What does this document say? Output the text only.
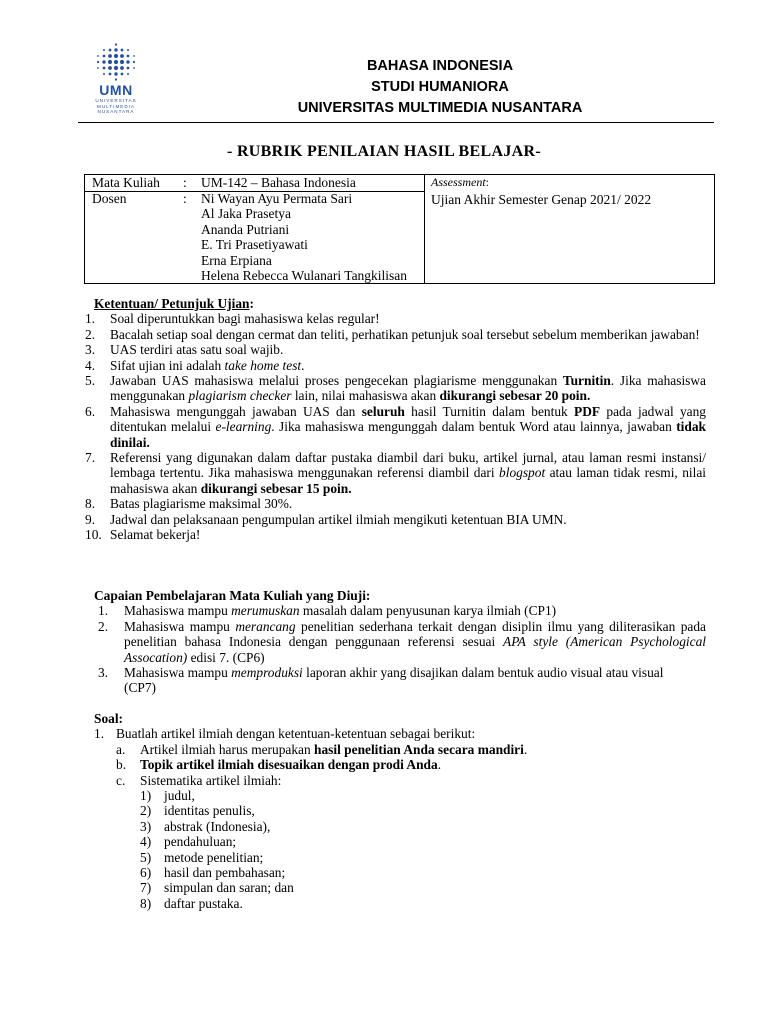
UMN
UNIVERSITAS
MULTIMEDIA
NUSANTARA
BAHASA INDONESIA
STUDI HUMANIORA
UNIVERSITAS MULTIMEDIA NUSANTARA
- RUBRIK PENILAIAN HASIL BELAJAR-
Mata Kuliah : UM-142 – Bahasa Indonesia
Dosen	: Ni Wayan Ayu Permata Sari
Al Jaka Prasetya
Ananda Putriani
E. Tri Prasetiyawati
Erna Erpiana
Helena Rebecca Wulanari Tangkilisan
Assessment:
Ujian Akhir Semester Genap 2021/ 2022
Ketentuan/ Petunjuk Ujian:
1.	Soal diperuntukkan bagi mahasiswa kelas regular!
2.	Bacalah setiap soal dengan cermat dan teliti, perhatikan petunjuk soal tersebut sebelum memberikan jawaban!
3.	UAS terdiri atas satu soal wajib.
4.	Sifat ujian ini adalah take home test.
5.	Jawaban UAS mahasiswa melalui proses pengecekan plagiarisme menggunakan Turnitin. Jika mahasiswa menggunakan plagiarism checker lain, nilai mahasiswa akan dikurangi sebesar 20 poin.
6.	Mahasiswa mengunggah jawaban UAS dan seluruh hasil Turnitin dalam bentuk PDF pada jadwal yang ditentukan melalui e-learning. Jika mahasiswa mengunggah dalam bentuk Word atau lainnya, jawaban tidak dinilai.
7.	Referensi yang digunakan dalam daftar pustaka diambil dari buku, artikel jurnal, atau laman resmi instansi/ lembaga tertentu. Jika mahasiswa menggunakan referensi diambil dari blogspot atau laman tidak resmi, nilai mahasiswa akan dikurangi sebesar 15 poin.
8.	Batas plagiarisme maksimal 30%.
9.	Jadwal dan pelaksanaan pengumpulan artikel ilmiah mengikuti ketentuan BIA UMN.
10. Selamat bekerja!
Capaian Pembelajaran Mata Kuliah yang Diuji:
1.	Mahasiswa mampu merumuskan masalah dalam penyusunan karya ilmiah (CP1)
2.	Mahasiswa mampu merancang penelitian sederhana terkait dengan disiplin ilmu yang diliterasikan pada penelitian bahasa Indonesia dengan penggunaan referensi sesuai APA style (American Psychological Assocation) edisi 7. (CP6)
3.	Mahasiswa mampu memproduksi laporan akhir yang disajikan dalam bentuk audio visual atau visual (CP7)
Soal:
1. Buatlah artikel ilmiah dengan ketentuan-ketentuan sebagai berikut:
a.	Artikel ilmiah harus merupakan hasil penelitian Anda secara mandiri.
b.	Topik artikel ilmiah disesuaikan dengan prodi Anda.
c.	Sistematika artikel ilmiah:
1) judul,
2) identitas penulis,
3) abstrak (Indonesia),
4) pendahuluan;
5) metode penelitian;
6) hasil dan pembahasan;
7) simpulan dan saran; dan
8) daftar pustaka.
